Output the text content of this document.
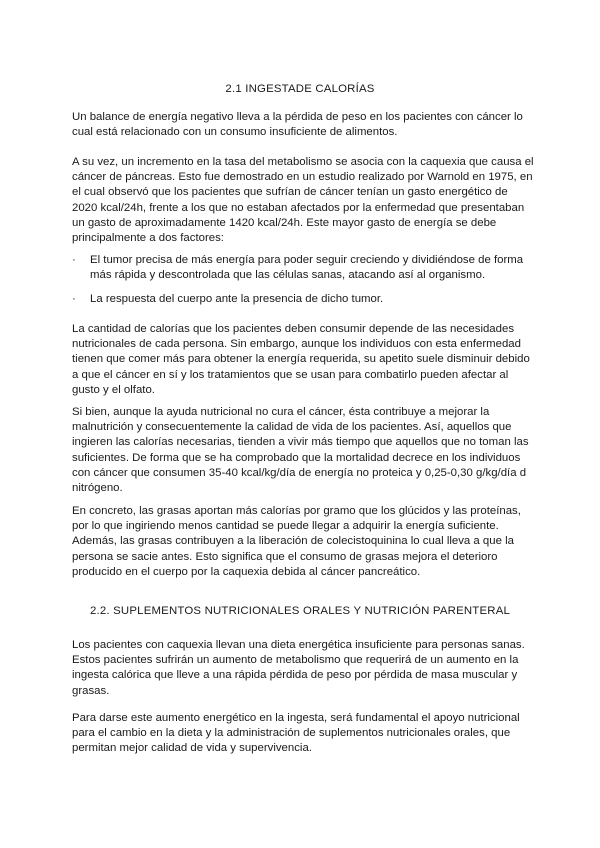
2.1 INGESTADE CALORÍAS

Un balance de energía negativo lleva a la pérdida de peso en los pacientes con cáncer lo cual está relacionado con un consumo insuficiente de alimentos.

A su vez, un incremento en la tasa del metabolismo se asocia con la caquexia que causa el cáncer de páncreas. Esto fue demostrado en un estudio realizado por Warnold en 1975, en el cual observó que los pacientes que sufrían de cáncer tenían un gasto energético de 2020 kcal/24h, frente a los que no estaban afectados por la enfermedad que presentaban un gasto de aproximadamente 1420 kcal/24h. Este mayor gasto de energía se debe principalmente a dos factores:

·	El tumor precisa de más energía para poder seguir creciendo y dividiéndose de forma más rápida y descontrolada que las células sanas, atacando así al organismo.
·	La respuesta del cuerpo ante la presencia de dicho tumor.

La cantidad de calorías que los pacientes deben consumir depende de las necesidades nutricionales de cada persona. Sin embargo, aunque los individuos con esta enfermedad tienen que comer más para obtener la energía requerida, su apetito suele disminuir debido a que el cáncer en sí y los tratamientos que se usan para combatirlo pueden afectar al gusto y el olfato.

Si bien, aunque la ayuda nutricional no cura el cáncer, ésta contribuye a mejorar la malnutrición y consecuentemente la calidad de vida de los pacientes. Así, aquellos que ingieren las calorías necesarias, tienden a vivir más tiempo que aquellos que no toman las suficientes. De forma que se ha comprobado que la mortalidad decrece en los individuos con cáncer que consumen 35-40 kcal/kg/día de energía no proteica y 0,25-0,30 g/kg/día d nitrógeno.

En concreto, las grasas aportan más calorías por gramo que los glúcidos y las proteínas, por lo que ingiriendo menos cantidad se puede llegar a adquirir la energía suficiente. Además, las grasas contribuyen a la liberación de colecistoquinina lo cual lleva a que la persona se sacie antes. Esto significa que el consumo de grasas mejora el deterioro producido en el cuerpo por la caquexia debida al cáncer pancreático.

2.2. SUPLEMENTOS NUTRICIONALES ORALES Y NUTRICIÓN PARENTERAL

Los pacientes con caquexia llevan una dieta energética insuficiente para personas sanas. Estos pacientes sufrirán un aumento de metabolismo que requerirá de un aumento en la ingesta calórica que lleve a una rápida pérdida de peso por pérdida de masa muscular y grasas.

Para darse este aumento energético en la ingesta, será fundamental el apoyo nutricional para el cambio en la dieta y la administración de suplementos nutricionales orales, que permitan mejor calidad de vida y supervivencia.
